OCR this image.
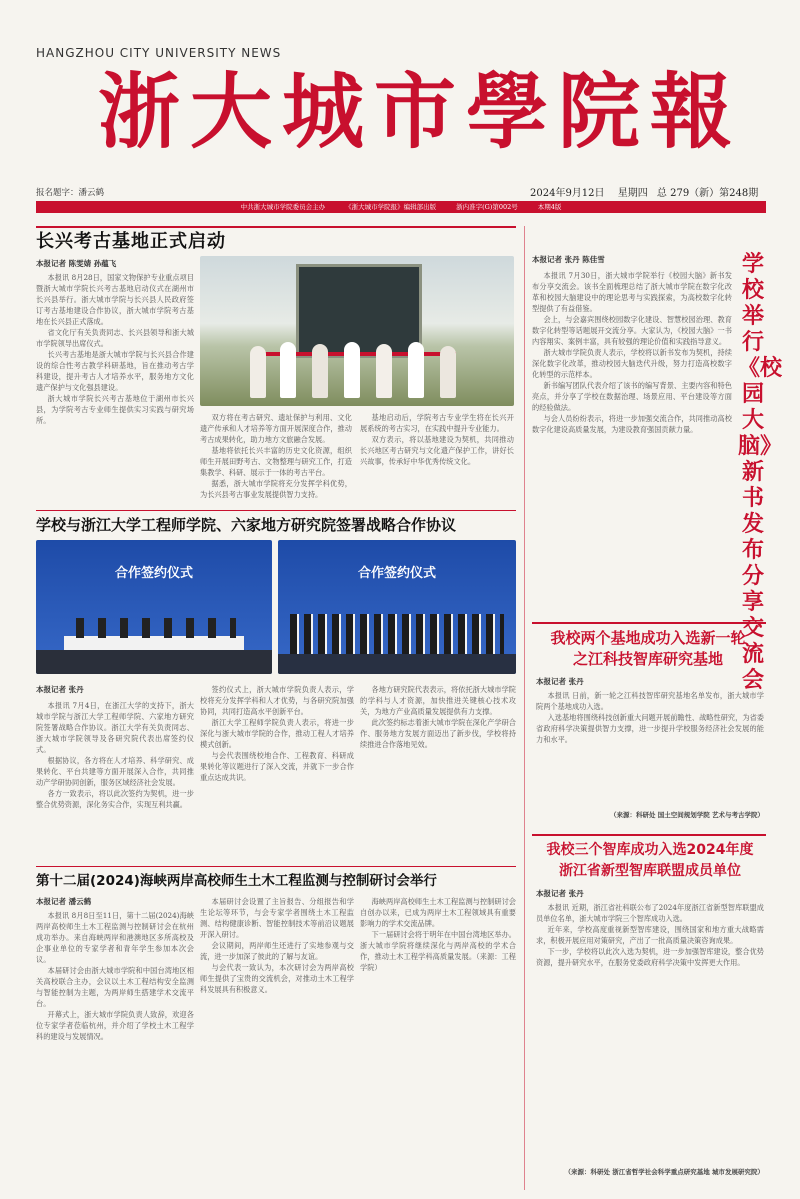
HANGZHOU CITY UNIVERSITY NEWS
浙大城市學院報
报名题字：潘云鹤	2024年9月12日 星期四 总 279（新）第248期
中共浙大城市学院委员会主办	《浙大城市学院报》编辑部出版	浙内准字(G)第002号	本期4版
长兴考古基地正式启动
本报记者 陈雯婧 孙蕴飞

本报讯 8月28日，国家文物保护专业重点项目暨浙大城市学院长兴考古基地启动仪式在湖州市长兴县举行。浙大城市学院与长兴县人民政府签订考古基地建设合作协议，浙大城市学院考古基地在长兴县正式落成。

省文化厅有关负责同志、长兴县领导和浙大城市学院领导出席仪式。

长兴考古基地是浙大城市学院与长兴县合作建设的综合性考古教学科研基地，旨在推动考古学科建设，提升考古人才培养水平，服务地方文化遗产保护与文化强县建设。

浙大城市学院长兴考古基地位于湖州市长兴县，为学院考古专业师生提供实习实践与研究场所。	双方将在考古研究、遗址保护与利用、文化遗产传承和人才培养等方面开展深度合作，推动考古成果转化，助力地方文旅融合发展。

基地将依托长兴丰富的历史文化资源，组织师生开展田野考古、文物整理与研究工作，打造集教学、科研、展示于一体的考古平台。

据悉，浙大城市学院将充分发挥学科优势，为长兴县考古事业发展提供智力支持。

基地启动后，学院考古专业学生将在长兴开展系统的考古实习，在实践中提升专业能力。

双方表示，将以基地建设为契机，共同推动长兴地区考古研究与文化遗产保护工作，讲好长兴故事，传承好中华优秀传统文化。

学校与浙江大学工程师学院、六家地方研究院签署战略合作协议
合作签约仪式	合作签约仪式
本报记者 张丹

本报讯 7月4日，在浙江大学的支持下，浙大城市学院与浙江大学工程师学院、六家地方研究院签署战略合作协议。浙江大学有关负责同志、浙大城市学院领导及各研究院代表出席签约仪式。

根据协议，各方将在人才培养、科学研究、成果转化、平台共建等方面开展深入合作，共同推动产学研协同创新，服务区域经济社会发展。

各方一致表示，将以此次签约为契机，进一步整合优势资源，深化务实合作，实现互利共赢。

签约仪式上，浙大城市学院负责人表示，学校将充分发挥学科和人才优势，与各研究院加强协同，共同打造高水平创新平台。

浙江大学工程师学院负责人表示，将进一步深化与浙大城市学院的合作，推动工程人才培养模式创新。

与会代表围绕校地合作、工程教育、科研成果转化等议题进行了深入交流，并就下一步合作重点达成共识。

各地方研究院代表表示，将依托浙大城市学院的学科与人才资源，加快推进关键核心技术攻关，为地方产业高质量发展提供有力支撑。

此次签约标志着浙大城市学院在深化产学研合作、服务地方发展方面迈出了新步伐，学校将持续推进合作落地见效。

第十二届(2024)海峡两岸高校师生土木工程监测与控制研讨会举行
本报记者 潘云鹤

本报讯 8月8日至11日，第十二届(2024)海峡两岸高校师生土木工程监测与控制研讨会在杭州成功举办。来自海峡两岸和港澳地区多所高校及企事业单位的专家学者和青年学生参加本次会议。

本届研讨会由浙大城市学院和中国台湾地区相关高校联合主办，会议以土木工程结构安全监测与智能控制为主题，为两岸师生搭建学术交流平台。

开幕式上，浙大城市学院负责人致辞，欢迎各位专家学者莅临杭州，并介绍了学校土木工程学科的建设与发展情况。

本届研讨会设置了主旨报告、分组报告和学生论坛等环节，与会专家学者围绕土木工程监测、结构健康诊断、智能控制技术等前沿议题展开深入研讨。

会议期间，两岸师生还进行了实地参观与交流，进一步加深了彼此的了解与友谊。

与会代表一致认为，本次研讨会为两岸高校师生提供了宝贵的交流机会，对推动土木工程学科发展具有积极意义。

海峡两岸高校师生土木工程监测与控制研讨会自创办以来，已成为两岸土木工程领域具有重要影响力的学术交流品牌。

下一届研讨会将于明年在中国台湾地区举办。浙大城市学院将继续深化与两岸高校的学术合作，推动土木工程学科高质量发展。（来源：工程学院）

学校举行《校园大脑》新书发布分享交流会
本报记者 张丹 陈佳雪

本报讯 7月30日，浙大城市学院举行《校园大脑》新书发布分享交流会。该书全面梳理总结了浙大城市学院在数字化改革和校园大脑建设中的理论思考与实践探索，为高校数字化转型提供了有益借鉴。

会上，与会嘉宾围绕校园数字化建设、智慧校园治理、教育数字化转型等话题展开交流分享。大家认为，《校园大脑》一书内容翔实、案例丰富，具有较强的理论价值和实践指导意义。

浙大城市学院负责人表示，学校将以新书发布为契机，持续深化数字化改革，推动校园大脑迭代升级，努力打造高校数字化转型的示范样本。

新书编写团队代表介绍了该书的编写背景、主要内容和特色亮点，并分享了学校在数据治理、场景应用、平台建设等方面的经验做法。

与会人员纷纷表示，将进一步加强交流合作，共同推动高校数字化建设高质量发展，为建设教育强国贡献力量。

我校两个基地成功入选新一轮之江科技智库研究基地
本报记者 张丹

本报讯 日前，新一轮之江科技智库研究基地名单发布，浙大城市学院两个基地成功入选。

入选基地将围绕科技创新重大问题开展前瞻性、战略性研究，为省委省政府科学决策提供智力支撑，进一步提升学校服务经济社会发展的能力和水平。

（来源：科研处 国土空间规划学院 艺术与考古学院）
我校三个智库成功入选2024年度浙江省新型智库联盟成员单位
本报记者 张丹

本报讯 近期，浙江省社科联公布了2024年度浙江省新型智库联盟成员单位名单，浙大城市学院三个智库成功入选。

近年来，学校高度重视新型智库建设，围绕国家和地方重大战略需求，积极开展应用对策研究，产出了一批高质量决策咨询成果。

下一步，学校将以此次入选为契机，进一步加强智库建设，整合优势资源，提升研究水平，在服务党委政府科学决策中发挥更大作用。

（来源：科研处 浙江省哲学社会科学重点研究基地 城市发展研究院）
